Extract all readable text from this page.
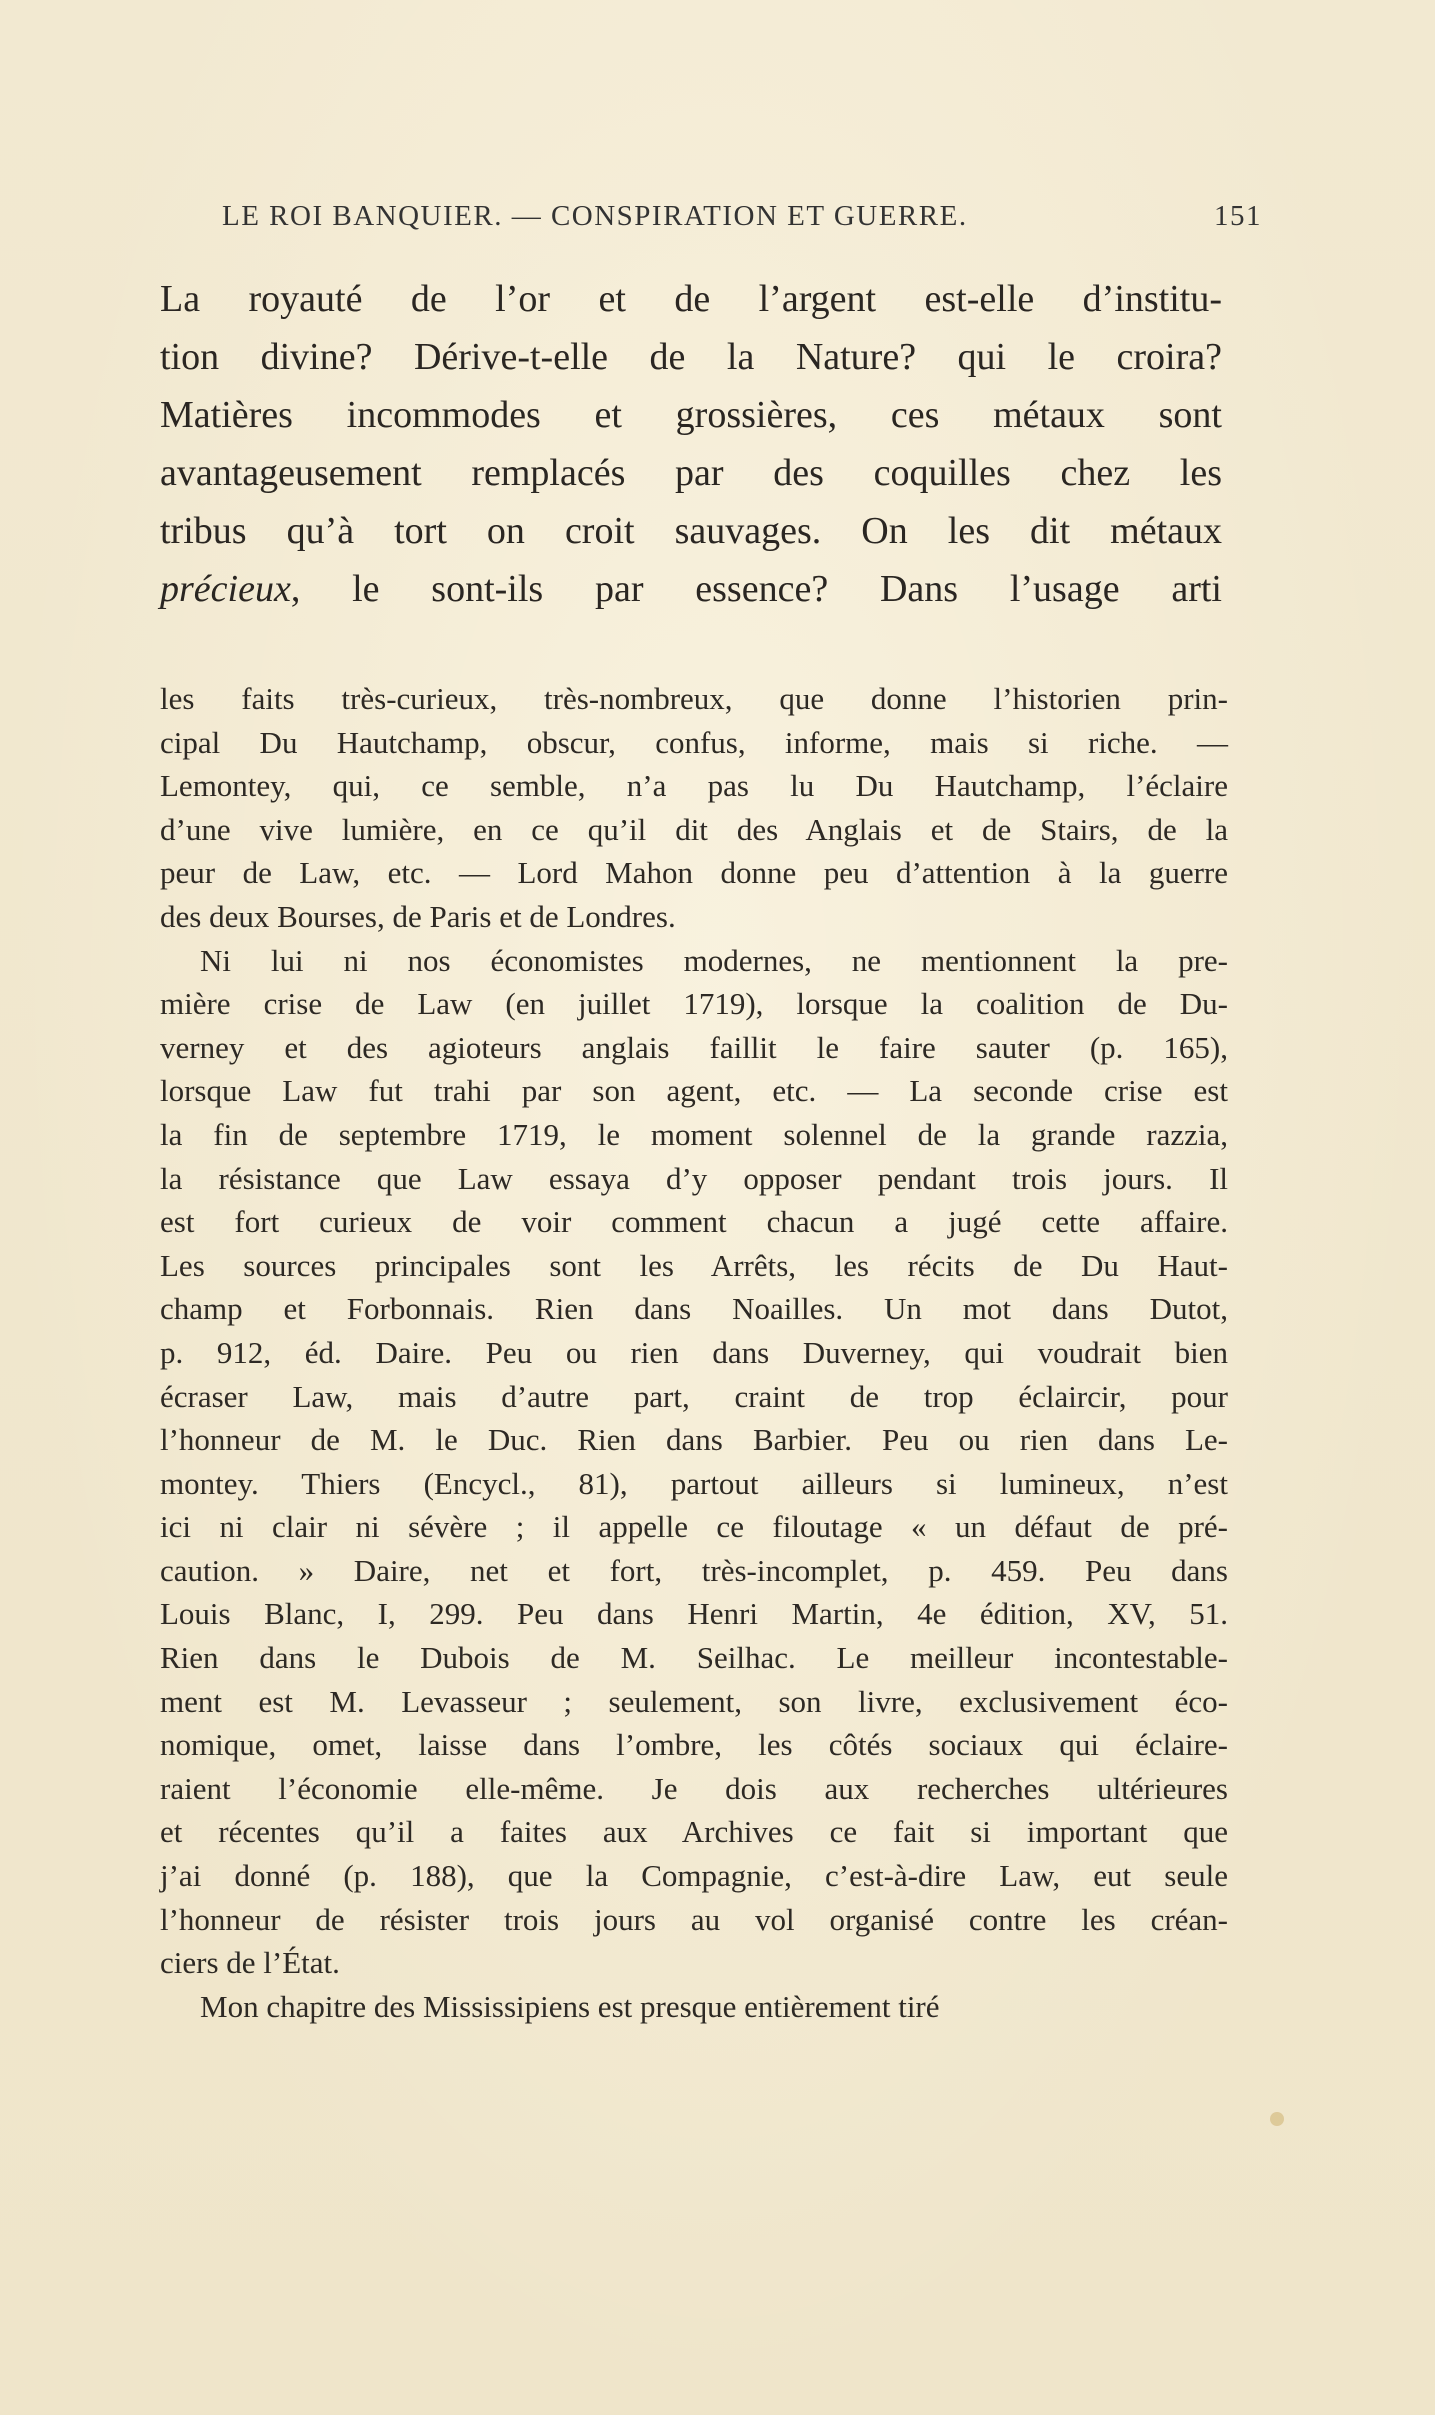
LE ROI BANQUIER. — CONSPIRATION ET GUERRE.	151
La royauté de l’or et de l’argent est-elle d’institu-
tion divine? Dérive-t-elle de la Nature? qui le croira?
Matières incommodes et grossières, ces métaux sont
avantageusement remplacés par des coquilles chez les
tribus qu’à tort on croit sauvages. On les dit métaux
précieux, le sont-ils par essence? Dans l’usage arti
les faits très-curieux, très-nombreux, que donne l’historien prin-
cipal Du Hautchamp, obscur, confus, informe, mais si riche. —
Lemontey, qui, ce semble, n’a pas lu Du Hautchamp, l’éclaire
d’une vive lumière, en ce qu’il dit des Anglais et de Stairs, de la
peur de Law, etc. — Lord Mahon donne peu d’attention à la guerre
des deux Bourses, de Paris et de Londres.
Ni lui ni nos économistes modernes, ne mentionnent la pre-
mière crise de Law (en juillet 1719), lorsque la coalition de Du-
verney et des agioteurs anglais faillit le faire sauter (p. 165),
lorsque Law fut trahi par son agent, etc. — La seconde crise est
la fin de septembre 1719, le moment solennel de la grande razzia,
la résistance que Law essaya d’y opposer pendant trois jours. Il
est fort curieux de voir comment chacun a jugé cette affaire.
Les sources principales sont les Arrêts, les récits de Du Haut-
champ et Forbonnais. Rien dans Noailles. Un mot dans Dutot,
p. 912, éd. Daire. Peu ou rien dans Duverney, qui voudrait bien
écraser Law, mais d’autre part, craint de trop éclaircir, pour
l’honneur de M. le Duc. Rien dans Barbier. Peu ou rien dans Le-
montey. Thiers (Encycl., 81), partout ailleurs si lumineux, n’est
ici ni clair ni sévère ; il appelle ce filoutage « un défaut de pré-
caution. » Daire, net et fort, très-incomplet, p. 459. Peu dans
Louis Blanc, I, 299. Peu dans Henri Martin, 4e édition, XV, 51.
Rien dans le Dubois de M. Seilhac. Le meilleur incontestable-
ment est M. Levasseur ; seulement, son livre, exclusivement éco-
nomique, omet, laisse dans l’ombre, les côtés sociaux qui éclaire-
raient l’économie elle-même. Je dois aux recherches ultérieures
et récentes qu’il a faites aux Archives ce fait si important que
j’ai donné (p. 188), que la Compagnie, c’est-à-dire Law, eut seule
l’honneur de résister trois jours au vol organisé contre les créan-
ciers de l’État.
Mon chapitre des Mississipiens est presque entièrement tiré
